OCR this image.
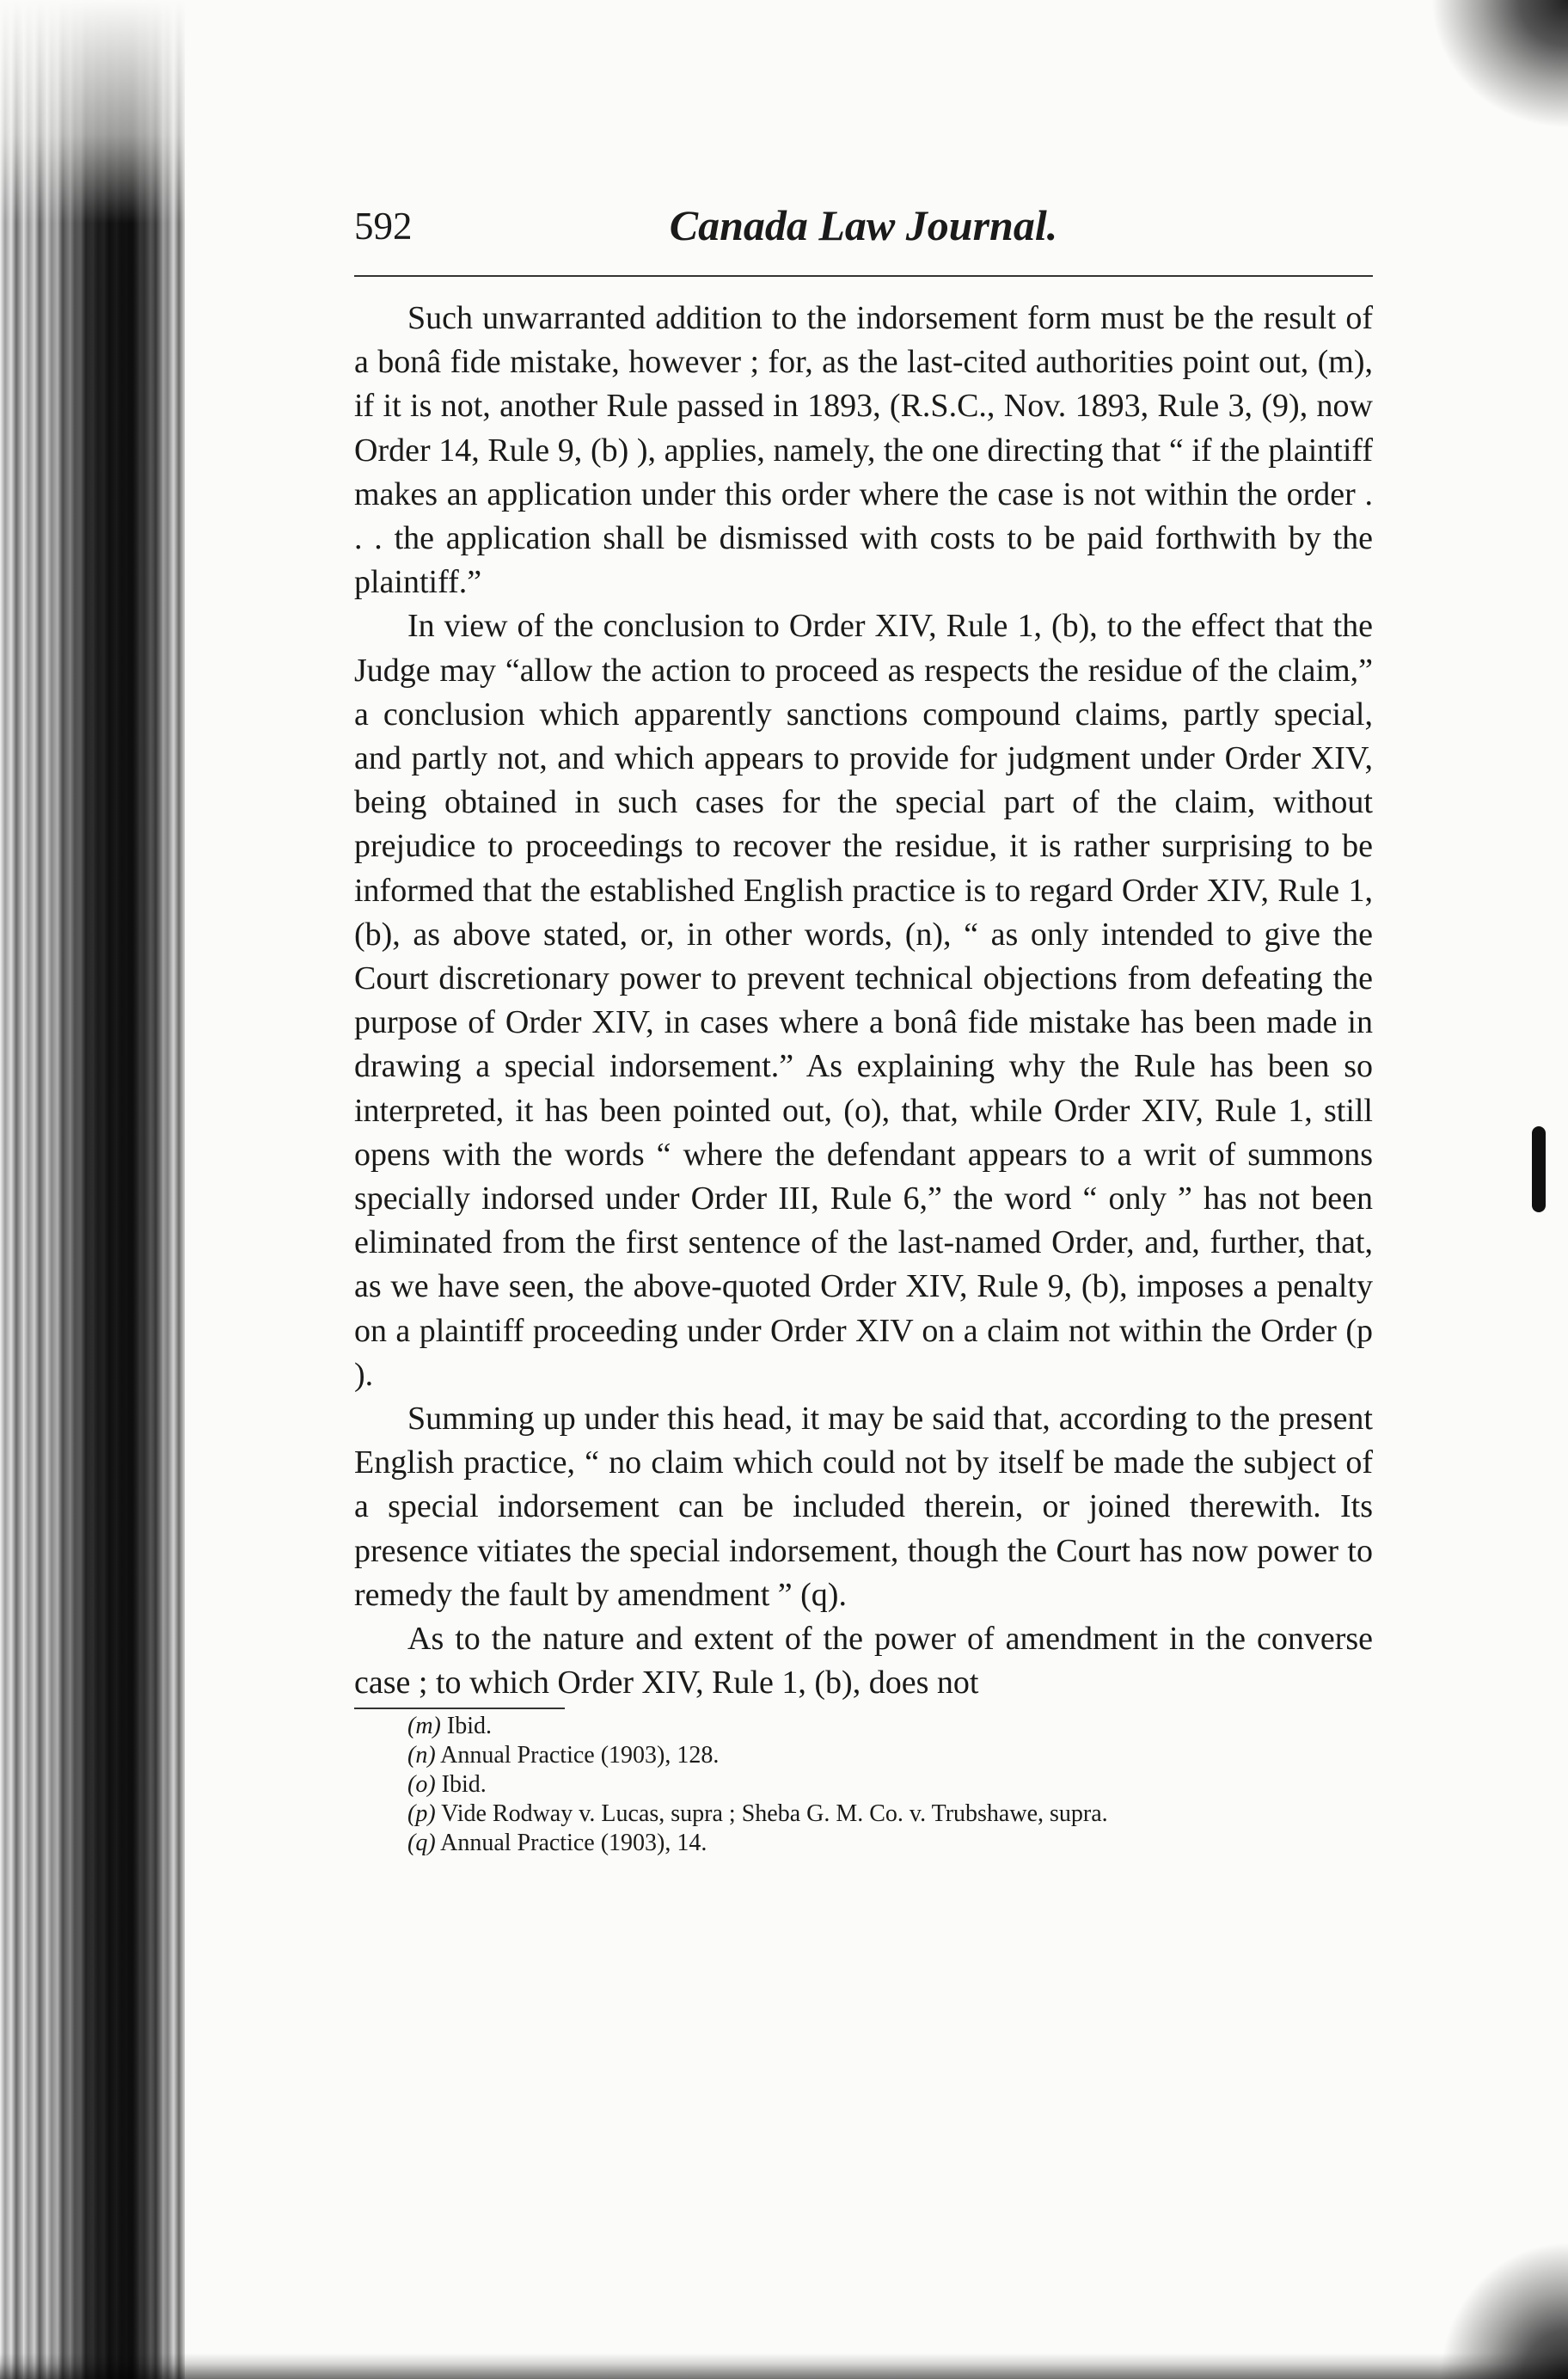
592	Canada Law Journal.

Such unwarranted addition to the indorsement form must be the result of a bonâ fide mistake, however ; for, as the last-cited authorities point out, (m), if it is not, another Rule passed in 1893, (R.S.C., Nov. 1893, Rule 3, (9), now Order 14, Rule 9, (b) ), applies, namely, the one directing that “ if the plaintiff makes an application under this order where the case is not within the order . . . the application shall be dismissed with costs to be paid forthwith by the plaintiff.”

In view of the conclusion to Order XIV, Rule 1, (b), to the effect that the Judge may “allow the action to proceed as respects the residue of the claim,” a conclusion which apparently sanctions compound claims, partly special, and partly not, and which appears to provide for judgment under Order XIV, being obtained in such cases for the special part of the claim, without prejudice to proceedings to recover the residue, it is rather surprising to be informed that the established English practice is to regard Order XIV, Rule 1, (b), as above stated, or, in other words, (n), “ as only intended to give the Court discretionary power to prevent technical objections from defeating the purpose of Order XIV, in cases where a bonâ fide mistake has been made in drawing a special indorsement.” As explaining why the Rule has been so interpreted, it has been pointed out, (o), that, while Order XIV, Rule 1, still opens with the words “ where the defendant appears to a writ of summons specially indorsed under Order III, Rule 6,” the word “ only ” has not been eliminated from the first sentence of the last-named Order, and, further, that, as we have seen, the above-quoted Order XIV, Rule 9, (b), imposes a penalty on a plaintiff proceeding under Order XIV on a claim not within the Order (p ).

Summing up under this head, it may be said that, according to the present English practice, “ no claim which could not by itself be made the subject of a special indorsement can be included therein, or joined therewith. Its presence vitiates the special indorsement, though the Court has now power to remedy the fault by amendment ” (q).

As to the nature and extent of the power of amendment in the converse case ; to which Order XIV, Rule 1, (b), does not

(m) Ibid.

(n) Annual Practice (1903), 128.

(o) Ibid.

(p) Vide Rodway v. Lucas, supra ; Sheba G. M. Co. v. Trubshawe, supra.

(q) Annual Practice (1903), 14.
